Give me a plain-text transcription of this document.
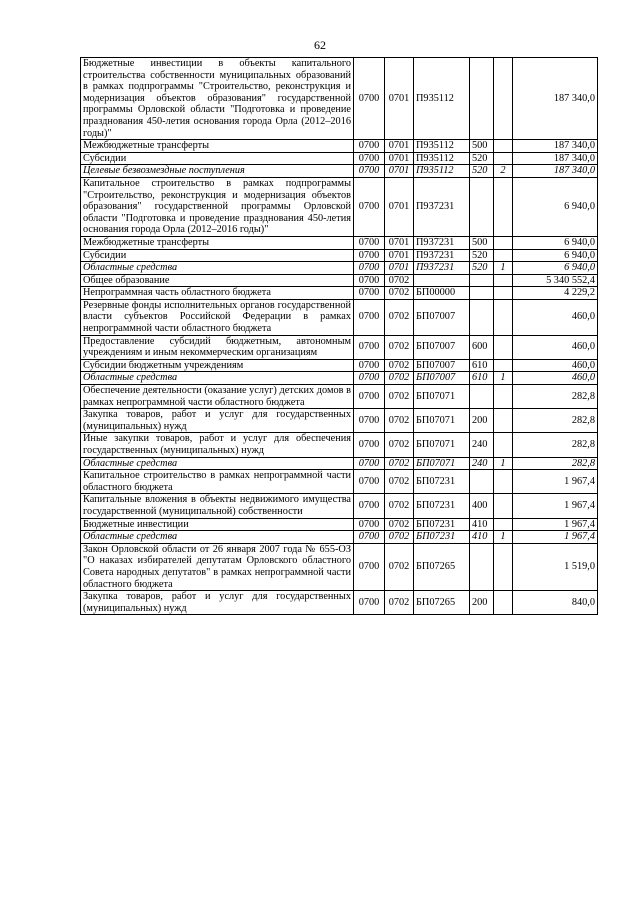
62
Бюджетные инвестиции в объекты капитального строительства собственности муниципальных образований в рамках подпрограммы "Строительство, реконструкция и модернизация объектов образования" государственной программы Орловской области "Подготовка и проведение празднования 450-летия основания города Орла (2012–2016 годы)"	0700	0701	П935112			187 340,0
Межбюджетные трансферты	0700	0701	П935112	500		187 340,0
Субсидии	0700	0701	П935112	520		187 340,0
Целевые безвозмездные поступления	0700	0701	П935112	520	2	187 340,0
Капитальное строительство в рамках подпрограммы "Строительство, реконструкция и модернизация объектов образования" государственной программы Орловской области "Подготовка и проведение празднования 450-летия основания города Орла (2012–2016 годы)"	0700	0701	П937231			6 940,0
Межбюджетные трансферты	0700	0701	П937231	500		6 940,0
Субсидии	0700	0701	П937231	520		6 940,0
Областные средства	0700	0701	П937231	520	1	6 940,0
Общее образование	0700	0702				5 340 552,4
Непрограммная часть областного бюджета	0700	0702	БП00000			4 229,2
Резервные фонды исполнительных органов государственной власти субъектов Российской Федерации в рамках непрограммной части областного бюджета	0700	0702	БП07007			460,0
Предоставление субсидий бюджетным, автономным учреждениям и иным некоммерческим организациям	0700	0702	БП07007	600		460,0
Субсидии бюджетным учреждениям	0700	0702	БП07007	610		460,0
Областные средства	0700	0702	БП07007	610	1	460,0
Обеспечение деятельности (оказание услуг) детских домов в рамках непрограммной части областного бюджета	0700	0702	БП07071			282,8
Закупка товаров, работ и услуг для государственных (муниципальных) нужд	0700	0702	БП07071	200		282,8
Иные закупки товаров, работ и услуг для обеспечения государственных (муниципальных) нужд	0700	0702	БП07071	240		282,8
Областные средства	0700	0702	БП07071	240	1	282,8
Капитальное строительство в рамках непрограммной части областного бюджета	0700	0702	БП07231			1 967,4
Капитальные вложения в объекты недвижимого имущества государственной (муниципальной) собственности	0700	0702	БП07231	400		1 967,4
Бюджетные инвестиции	0700	0702	БП07231	410		1 967,4
Областные средства	0700	0702	БП07231	410	1	1 967,4
Закон Орловской области от 26 января 2007 года № 655-ОЗ "О наказах избирателей депутатам Орловского областного Совета народных депутатов" в рамках непрограммной части областного бюджета	0700	0702	БП07265			1 519,0
Закупка товаров, работ и услуг для государственных (муниципальных) нужд	0700	0702	БП07265	200		840,0
